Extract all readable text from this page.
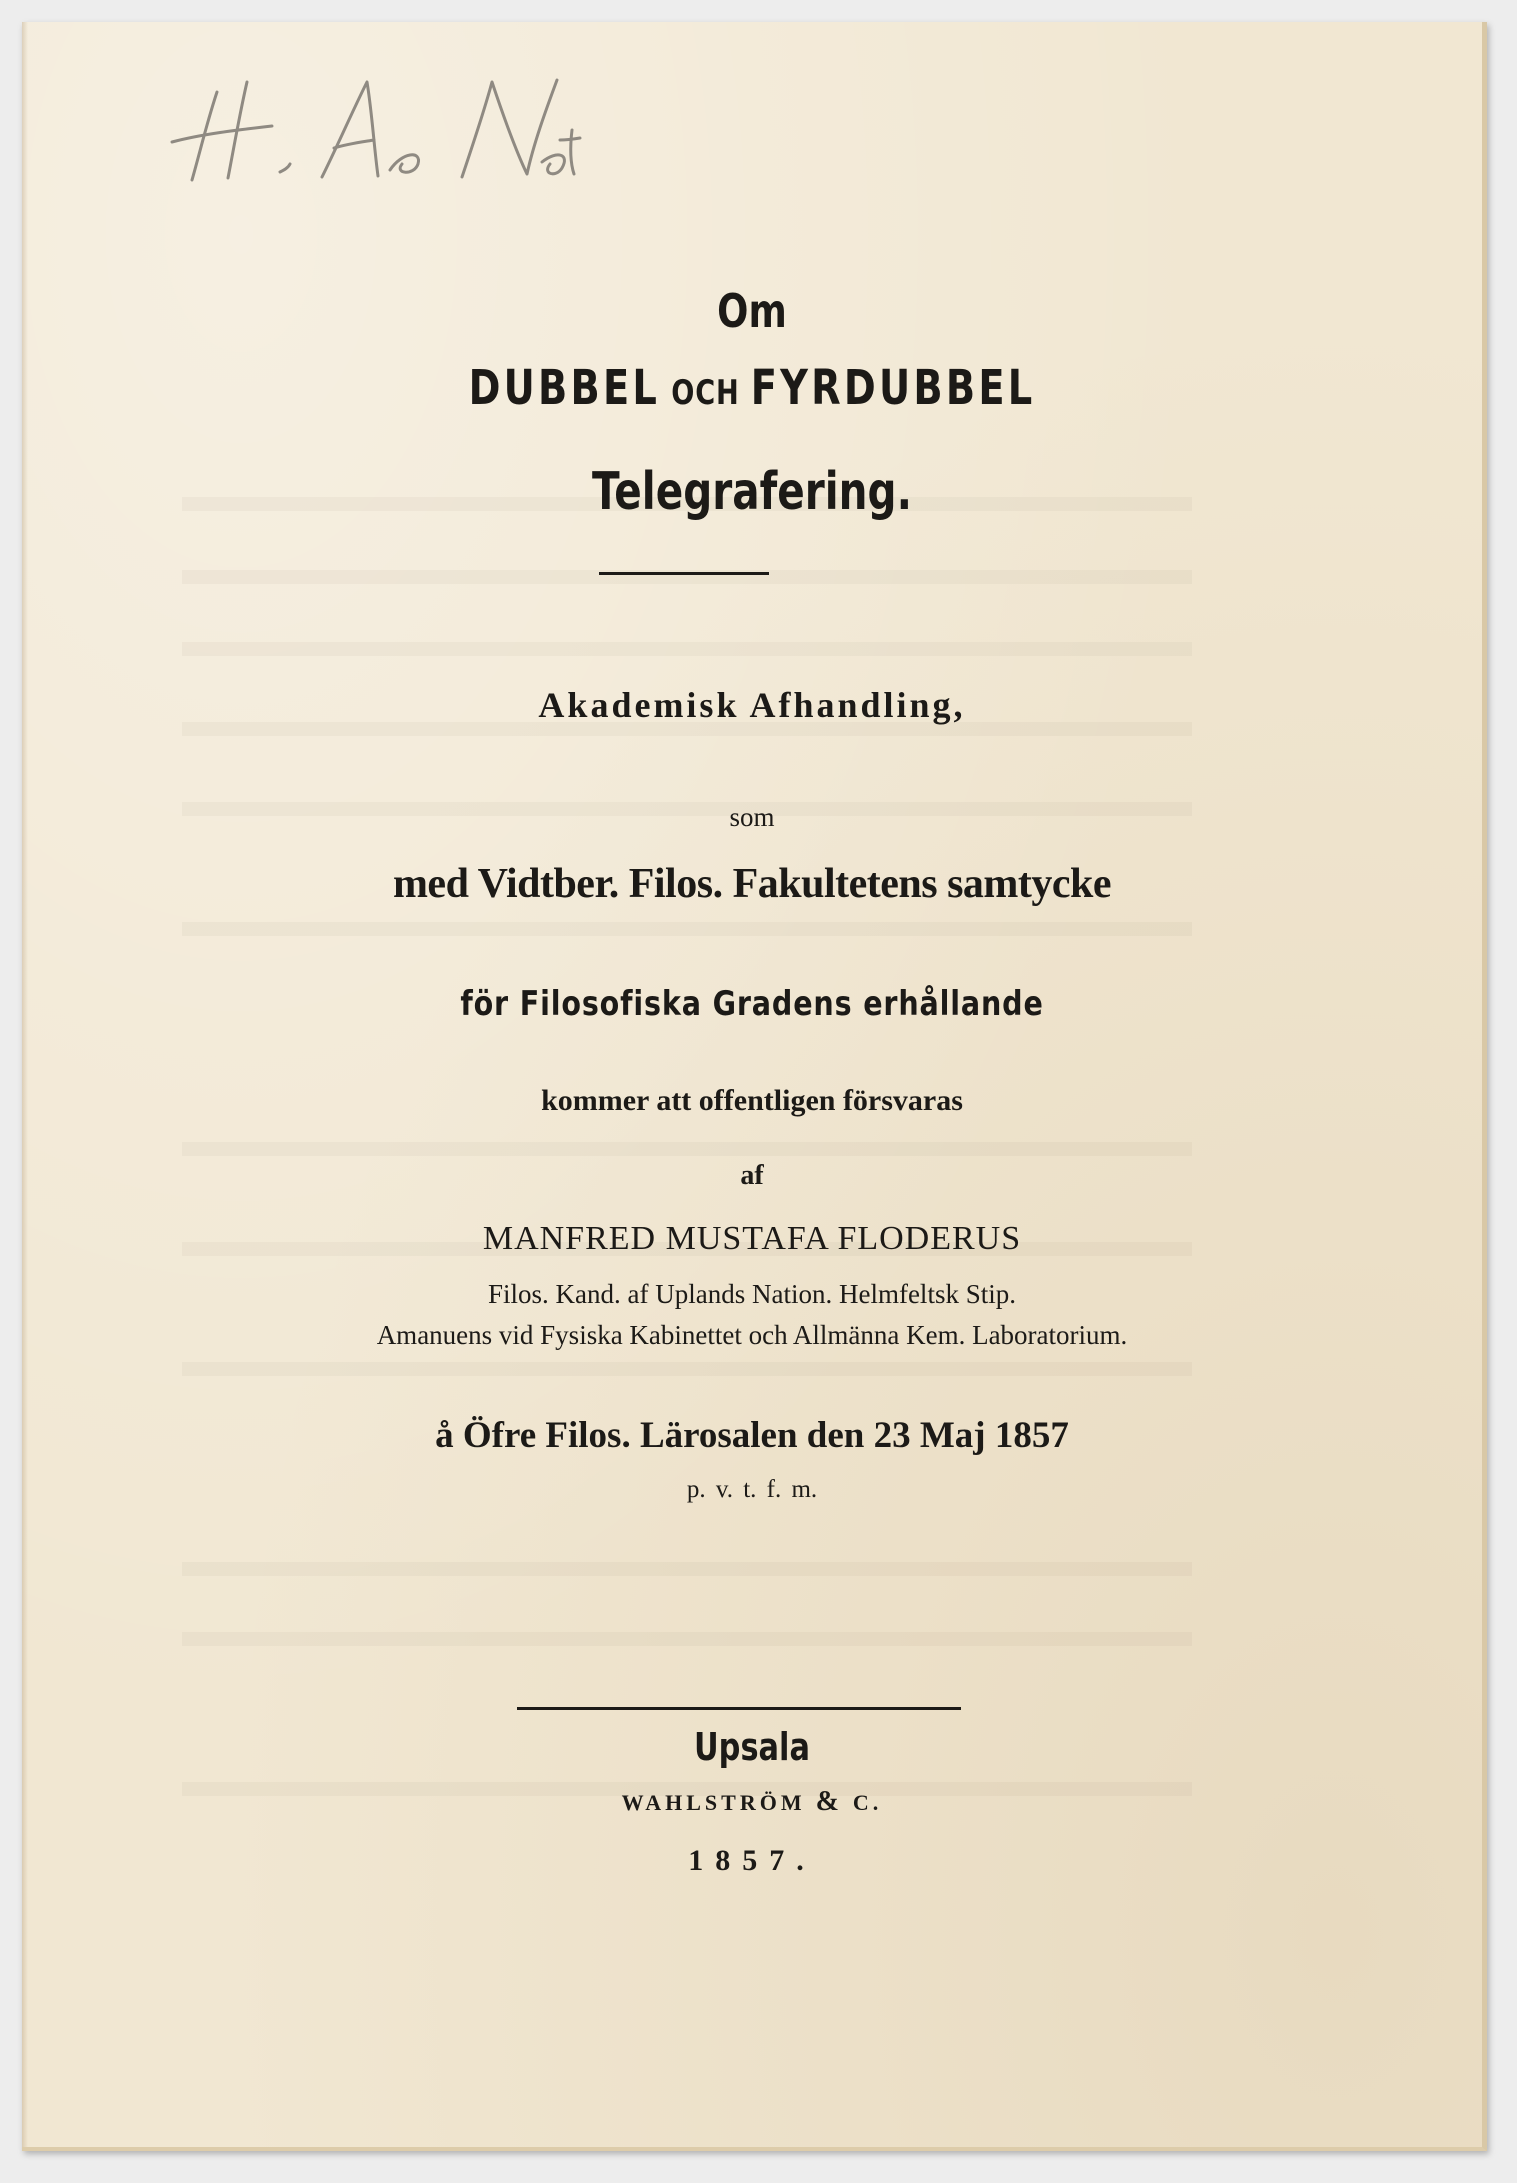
Om
DUBBEL OCH FYRDUBBEL
Telegrafering.
Akademisk Afhandling,
som
med Vidtber. Filos. Fakultetens samtycke
för Filosofiska Gradens erhållande
kommer att offentligen försvaras
af
MANFRED MUSTAFA FLODERUS
Filos. Kand. af Uplands Nation. Helmfeltsk Stip.
Amanuens vid Fysiska Kabinettet och Allmänna Kem. Laboratorium.
å Öfre Filos. Lärosalen den 23 Maj 1857
p. v. t. f. m.
Upsala
WAHLSTRÖM & C.
1857.
